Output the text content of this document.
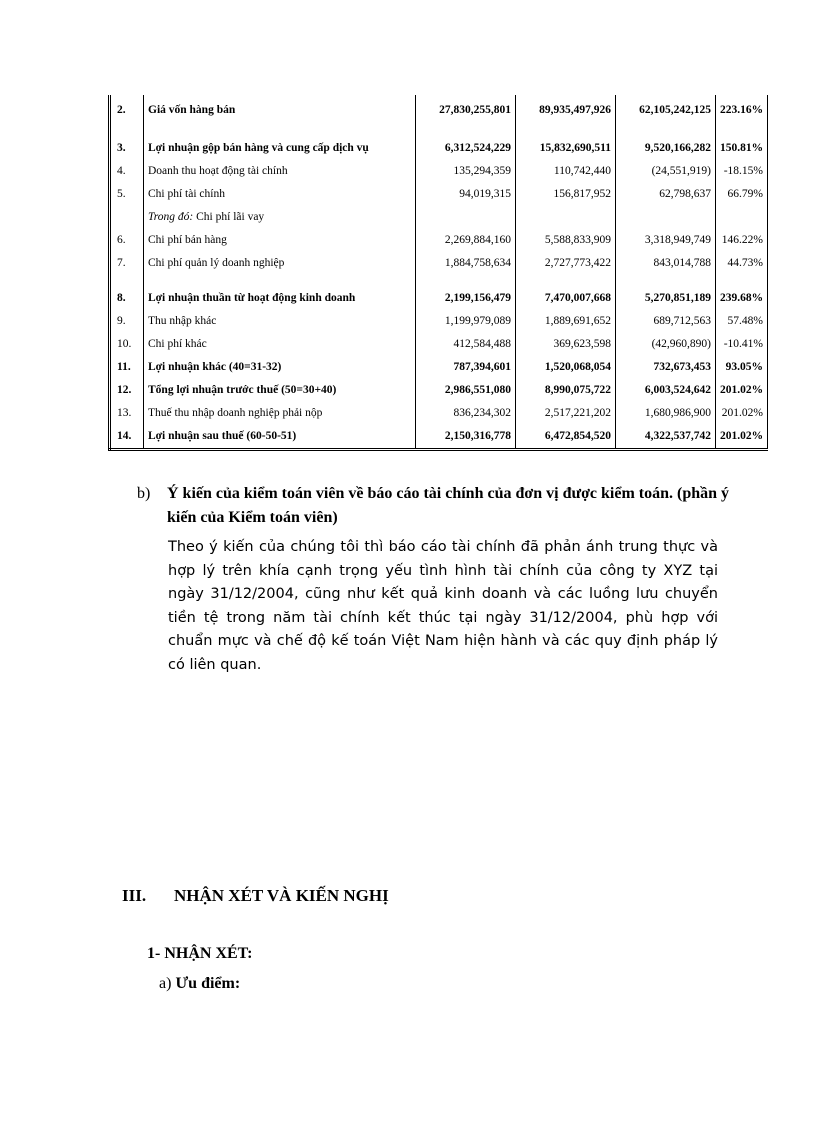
2.	Giá vốn hàng bán	27,830,255,801	89,935,497,926	62,105,242,125	223.16%

3.	Lợi nhuận gộp bán hàng và cung cấp dịch vụ	6,312,524,229	15,832,690,511	9,520,166,282	150.81%
4.	Doanh thu hoạt động tài chính	135,294,359	110,742,440	(24,551,919)	-18.15%
5.	Chi phí tài chính	94,019,315	156,817,952	62,798,637	66.79%
	Trong đó: Chi phí lãi vay				
6.	Chi phí bán hàng	2,269,884,160	5,588,833,909	3,318,949,749	146.22%
7.	Chi phí quản lý doanh nghiệp	1,884,758,634	2,727,773,422	843,014,788	44.73%

8.	Lợi nhuận thuần từ hoạt động kinh doanh	2,199,156,479	7,470,007,668	5,270,851,189	239.68%
9.	Thu nhập khác	1,199,979,089	1,889,691,652	689,712,563	57.48%
10.	Chi phí khác	412,584,488	369,623,598	(42,960,890)	-10.41%
11.	Lợi nhuận khác (40=31-32)	787,394,601	1,520,068,054	732,673,453	93.05%
12.	Tổng lợi nhuận trước thuế (50=30+40)	2,986,551,080	8,990,075,722	6,003,524,642	201.02%
13.	Thuế thu nhập doanh nghiệp phải nộp	836,234,302	2,517,221,202	1,680,986,900	201.02%
14.	Lợi nhuận sau thuế (60-50-51)	2,150,316,778	6,472,854,520	4,322,537,742	201.02%
b) Ý kiến của kiểm toán viên về báo cáo tài chính của đơn vị được kiểm toán. (phần ý kiến của Kiểm toán viên)
Theo ý kiến của chúng tôi thì báo cáo tài chính đã phản ánh trung thực và hợp lý trên khía cạnh trọng yếu tình hình tài chính của công ty XYZ tại ngày 31/12/2004, cũng như kết quả kinh doanh và các luồng lưu chuyển tiền tệ trong năm tài chính kết thúc tại ngày 31/12/2004, phù hợp với chuẩn mực và chế độ kế toán Việt Nam hiện hành và các quy định pháp lý có liên quan.
III. NHẬN XÉT VÀ KIẾN NGHỊ
1- NHẬN XÉT:
a) Ưu điểm:
